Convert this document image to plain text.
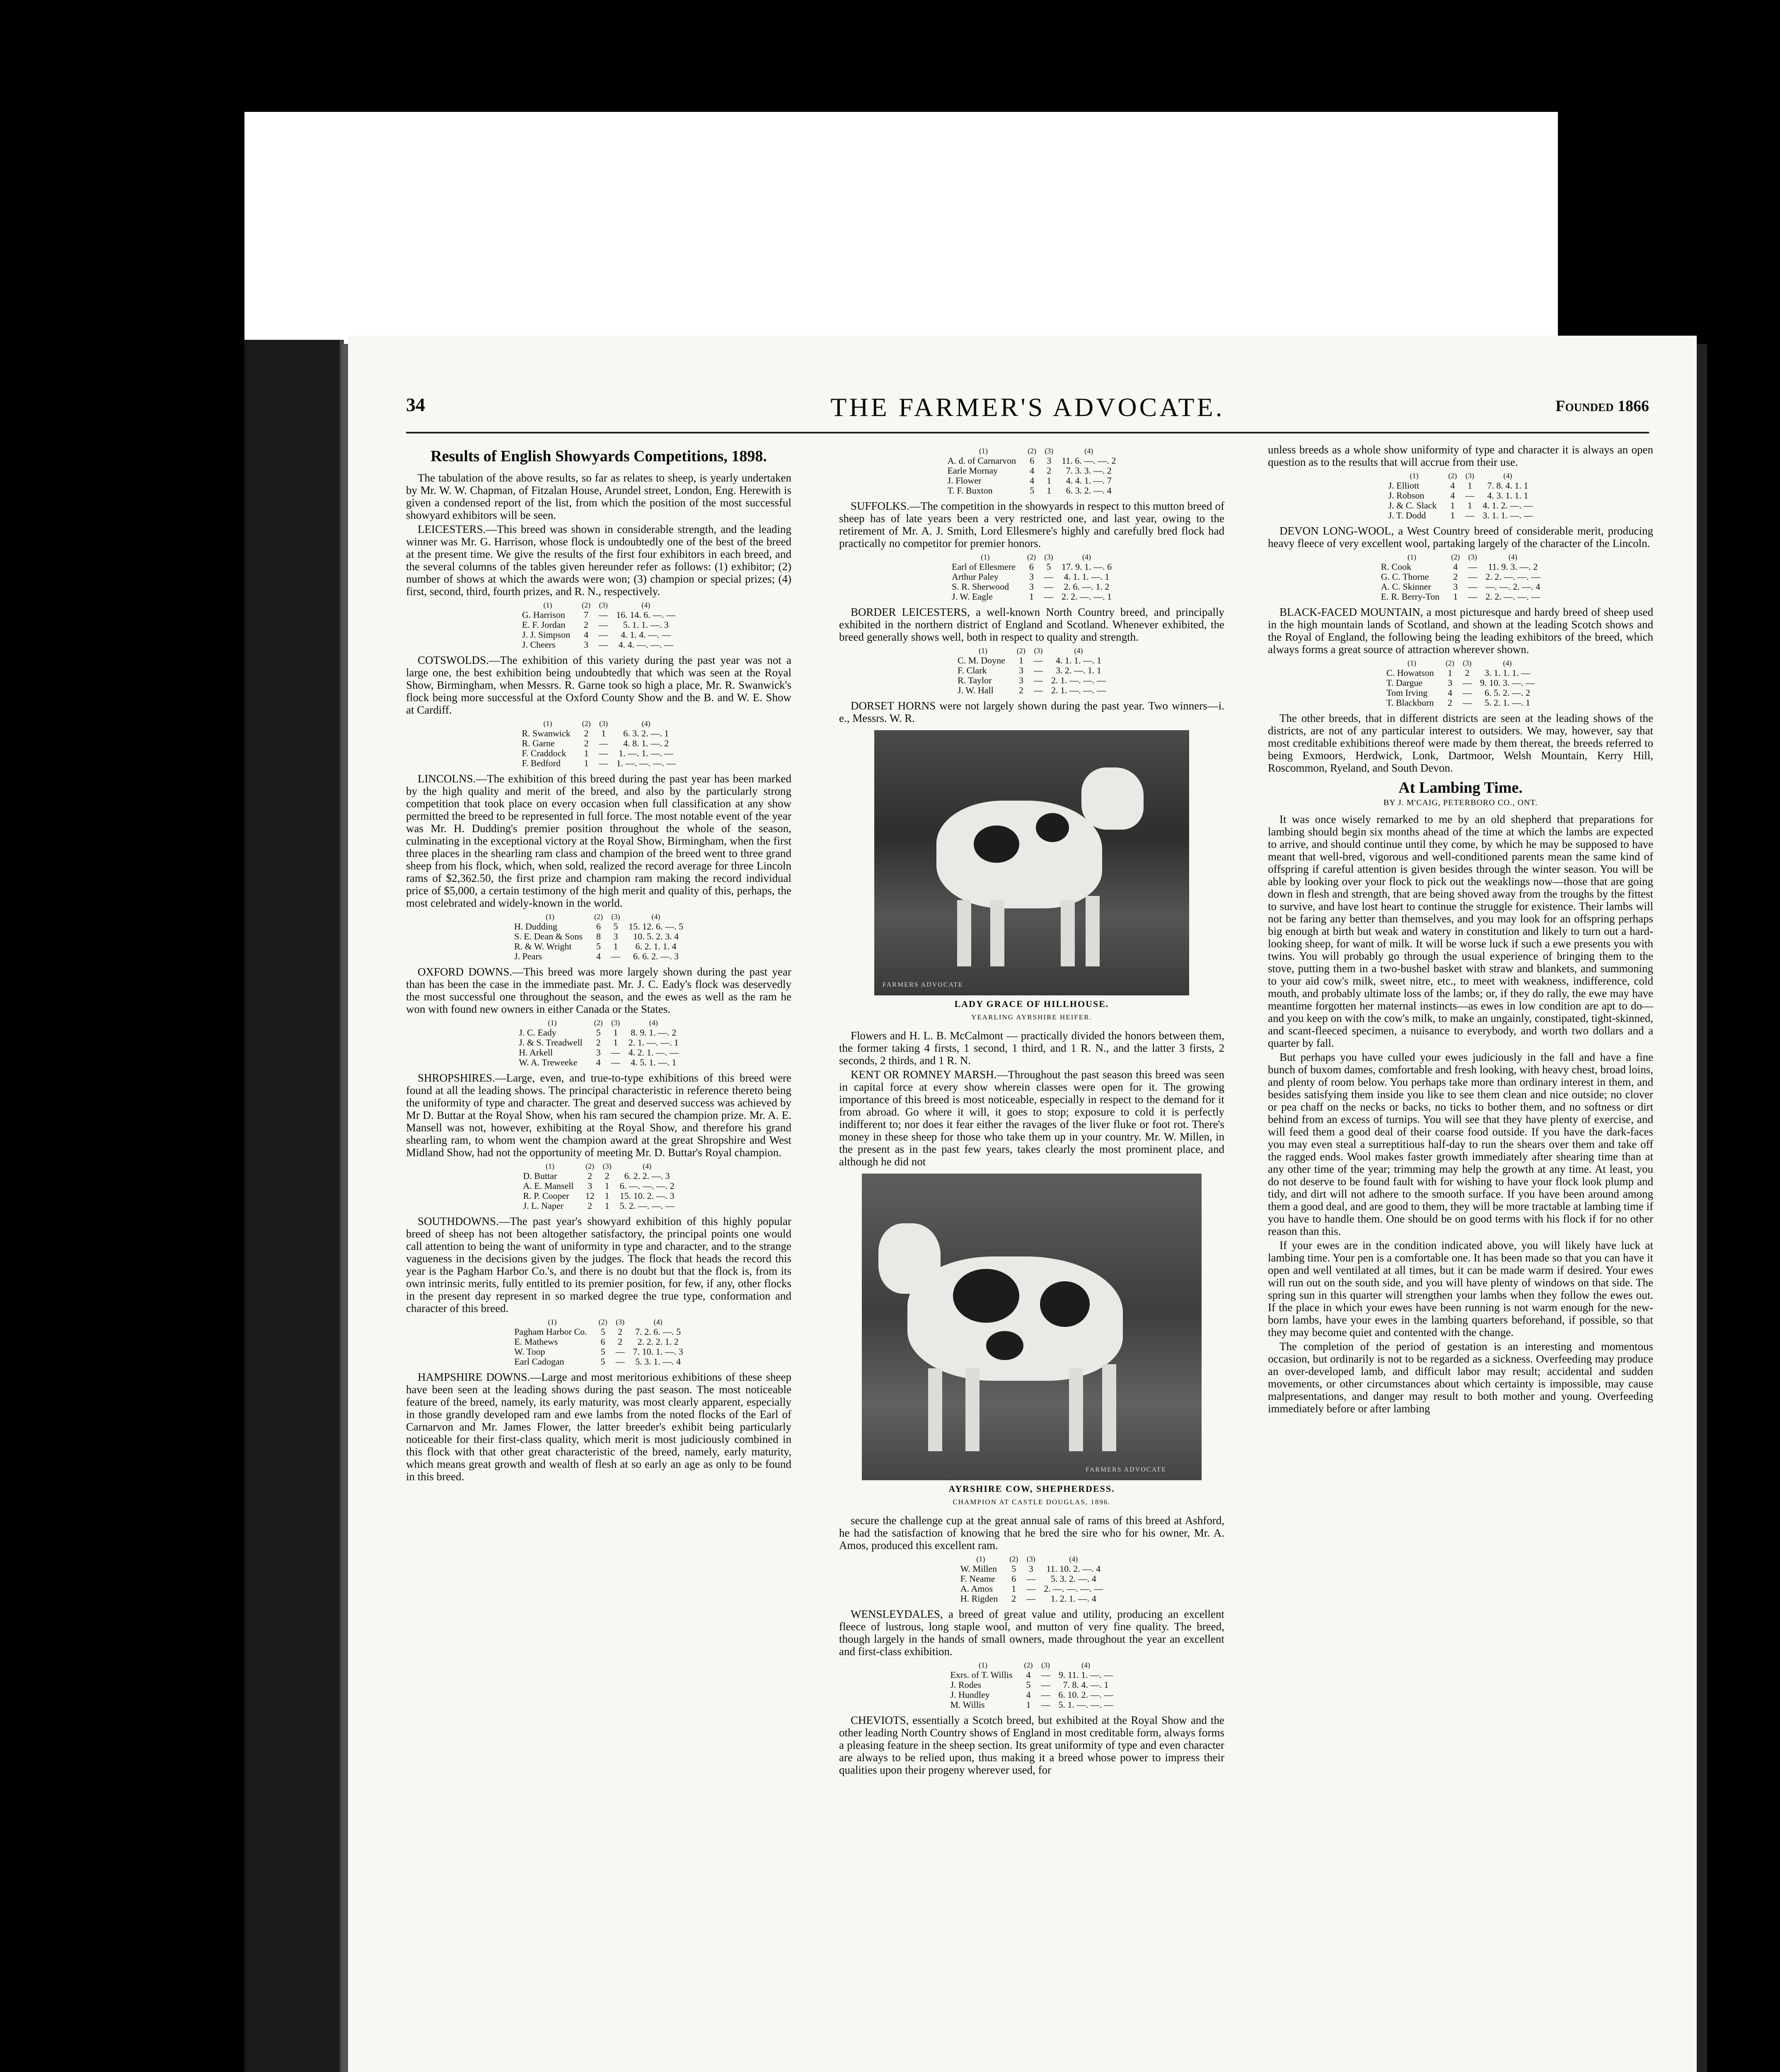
34	THE FARMER'S ADVOCATE.	Founded 1866
Results of English Showyards Competitions, 1898.

The tabulation of the above results, so far as relates to sheep, is yearly undertaken by Mr. W. W. Chapman, of Fitzalan House, Arundel street, London, Eng. Herewith is given a condensed report of the list, from which the position of the most successful showyard exhibitors will be seen.

LEICESTERS.—This breed was shown in considerable strength, and the leading winner was Mr. G. Harrison, whose flock is undoubtedly one of the best of the breed at the present time. We give the results of the first four exhibitors in each breed, and the several columns of the tables given hereunder refer as follows: (1) exhibitor; (2) number of shows at which the awards were won; (3) champion or special prizes; (4) first, second, third, fourth prizes, and R. N., respectively.

(1)	(2)	(3)	(4)
G. Harrison	7	—	16. 14. 6. —. —
E. F. Jordan	2	—	5. 1. 1. —. 3
J. J. Simpson	4	—	4. 1. 4. —. —
J. Cheers	3	—	4. 4. —. —. —

COTSWOLDS.—The exhibition of this variety during the past year was not a large one, the best exhibition being undoubtedly that which was seen at the Royal Show, Birmingham, when Messrs. R. Garne took so high a place, Mr. R. Swanwick's flock being more successful at the Oxford County Show and the B. and W. E. Show at Cardiff.

(1)	(2)	(3)	(4)
R. Swanwick	2	1	6. 3. 2. —. 1
R. Garne	2	—	4. 8. 1. —. 2
F. Craddock	1	—	1. —. 1. —. —
F. Bedford	1	—	1. —. —. —. —

LINCOLNS.—The exhibition of this breed during the past year has been marked by the high quality and merit of the breed, and also by the particularly strong competition that took place on every occasion when full classification at any show permitted the breed to be represented in full force. The most notable event of the year was Mr. H. Dudding's premier position throughout the whole of the season, culminating in the exceptional victory at the Royal Show, Birmingham, when the first three places in the shearling ram class and champion of the breed went to three grand sheep from his flock, which, when sold, realized the record average for three Lincoln rams of $2,362.50, the first prize and champion ram making the record individual price of $5,000, a certain testimony of the high merit and quality of this, perhaps, the most celebrated and widely-known in the world.

(1)	(2)	(3)	(4)
H. Dudding	6	5	15. 12. 6. —. 5
S. E. Dean & Sons	8	3	10. 5. 2. 3. 4
R. & W. Wright	5	1	6. 2. 1. 1. 4
J. Pears	4	—	6. 6. 2. —. 3

OXFORD DOWNS.—This breed was more largely shown during the past year than has been the case in the immediate past. Mr. J. C. Eady's flock was deservedly the most successful one throughout the season, and the ewes as well as the ram he won with found new owners in either Canada or the States.

(1)	(2)	(3)	(4)
J. C. Eady	5	1	8. 9. 1. —. 2
J. & S. Treadwell	2	1	2. 1. —. —. 1
H. Arkell	3	—	4. 2. 1. —. —
W. A. Treweeke	4	—	4. 5. 1. —. 1

SHROPSHIRES.—Large, even, and true-to-type exhibitions of this breed were found at all the leading shows. The principal characteristic in reference thereto being the uniformity of type and character. The great and deserved success was achieved by Mr D. Buttar at the Royal Show, when his ram secured the champion prize. Mr. A. E. Mansell was not, however, exhibiting at the Royal Show, and therefore his grand shearling ram, to whom went the champion award at the great Shropshire and West Midland Show, had not the opportunity of meeting Mr. D. Buttar's Royal champion.

(1)	(2)	(3)	(4)
D. Buttar	2	2	6. 2. 2. —. 3
A. E. Mansell	3	1	6. —. —. —. 2
R. P. Cooper	12	1	15. 10. 2. —. 3
J. L. Naper	2	1	5. 2. —. —. —

SOUTHDOWNS.—The past year's showyard exhibition of this highly popular breed of sheep has not been altogether satisfactory, the principal points one would call attention to being the want of uniformity in type and character, and to the strange vagueness in the decisions given by the judges. The flock that heads the record this year is the Pagham Harbor Co.'s, and there is no doubt but that the flock is, from its own intrinsic merits, fully entitled to its premier position, for few, if any, other flocks in the present day represent in so marked degree the true type, conformation and character of this breed.

(1)	(2)	(3)	(4)
Pagham Harbor Co.	5	2	7. 2. 6. —. 5
E. Mathews	6	2	2. 2. 2. 1. 2
W. Toop	5	—	7. 10. 1. —. 3
Earl Cadogan	5	—	5. 3. 1. —. 4

HAMPSHIRE DOWNS.—Large and most meritorious exhibitions of these sheep have been seen at the leading shows during the past season. The most noticeable feature of the breed, namely, its early maturity, was most clearly apparent, especially in those grandly developed ram and ewe lambs from the noted flocks of the Earl of Carnarvon and Mr. James Flower, the latter breeder's exhibit being particularly noticeable for their first-class quality, which merit is most judiciously combined in this flock with that other great characteristic of the breed, namely, early maturity, which means great growth and wealth of flesh at so early an age as only to be found in this breed.

(1)	(2)	(3)	(4)
A. d. of Carnarvon	6	3	11. 6. —. —. 2
Earle Mornay	4	2	7. 3. 3. —. 2
J. Flower	4	1	4. 4. 1. —. 7
T. F. Buxton	5	1	6. 3. 2. —. 4

SUFFOLKS.—The competition in the showyards in respect to this mutton breed of sheep has of late years been a very restricted one, and last year, owing to the retirement of Mr. A. J. Smith, Lord Ellesmere's highly and carefully bred flock had practically no competitor for premier honors.

(1)	(2)	(3)	(4)
Earl of Ellesmere	6	5	17. 9. 1. —. 6
Arthur Paley	3	—	4. 1. 1. —. 1
S. R. Sherwood	3	—	2. 6. —. 1. 2
J. W. Eagle	1	—	2. 2. —. —. 1

BORDER LEICESTERS, a well-known North Country breed, and principally exhibited in the northern district of England and Scotland. Whenever exhibited, the breed generally shows well, both in respect to quality and strength.

(1)	(2)	(3)	(4)
C. M. Doyne	1	—	4. 1. 1. —. 1
F. Clark	3	—	3. 2. —. 1. 1
R. Taylor	3	—	2. 1. —. —. —
J. W. Hall	2	—	2. 1. —. —. —

DORSET HORNS were not largely shown during the past year. Two winners—i. e., Messrs. W. R.

FARMERS ADVOCATE
LADY GRACE OF HILLHOUSE.
YEARLING AYRSHIRE HEIFER.

Flowers and H. L. B. McCalmont — practically divided the honors between them, the former taking 4 firsts, 1 second, 1 third, and 1 R. N., and the latter 3 firsts, 2 seconds, 2 thirds, and 1 R. N.

KENT OR ROMNEY MARSH.—Throughout the past season this breed was seen in capital force at every show wherein classes were open for it. The growing importance of this breed is most noticeable, especially in respect to the demand for it from abroad. Go where it will, it goes to stop; exposure to cold it is perfectly indifferent to; nor does it fear either the ravages of the liver fluke or foot rot. There's money in these sheep for those who take them up in your country. Mr. W. Millen, in the present as in the past few years, takes clearly the most prominent place, and although he did not

FARMERS ADVOCATE
AYRSHIRE COW, SHEPHERDESS.
CHAMPION AT CASTLE DOUGLAS, 1896.

secure the challenge cup at the great annual sale of rams of this breed at Ashford, he had the satisfaction of knowing that he bred the sire who for his owner, Mr. A. Amos, produced this excellent ram.

(1)	(2)	(3)	(4)
W. Millen	5	3	11. 10. 2. —. 4
F. Neame	6	—	5. 3. 2. —. 4
A. Amos	1	—	2. —. —. —. —
H. Rigden	2	—	1. 2. 1. —. 4

WENSLEYDALES, a breed of great value and utility, producing an excellent fleece of lustrous, long staple wool, and mutton of very fine quality. The breed, though largely in the hands of small owners, made throughout the year an excellent and first-class exhibition.

(1)	(2)	(3)	(4)
Exrs. of T. Willis	4	—	9. 11. 1. —. —
J. Rodes	5	—	7. 8. 4. —. 1
J. Hundley	4	—	6. 10. 2. —. —
M. Willis	1	—	5. 1. —. —. —

CHEVIOTS, essentially a Scotch breed, but exhibited at the Royal Show and the other leading North Country shows of England in most creditable form, always forms a pleasing feature in the sheep section. Its great uniformity of type and even character are always to be relied upon, thus making it a breed whose power to impress their qualities upon their progeny wherever used, for

unless breeds as a whole show uniformity of type and character it is always an open question as to the results that will accrue from their use.

(1)	(2)	(3)	(4)
J. Elliott	4	1	7. 8. 4. 1. 1
J. Robson	4	—	4. 3. 1. 1. 1
J. & C. Slack	1	1	4. 1. 2. —. —
J. T. Dodd	1	—	3. 1. 1. —. —

DEVON LONG-WOOL, a West Country breed of considerable merit, producing heavy fleece of very excellent wool, partaking largely of the character of the Lincoln.

(1)	(2)	(3)	(4)
R. Cook	4	—	11. 9. 3. —. 2
G. C. Thorne	2	—	2. 2. —. —. —
A. C. Skinner	3	—	—. —. 2. —. 4
E. R. Berry-Ton	1	—	2. 2. —. —. —

BLACK-FACED MOUNTAIN, a most picturesque and hardy breed of sheep used in the high mountain lands of Scotland, and shown at the leading Scotch shows and the Royal of England, the following being the leading exhibitors of the breed, which always forms a great source of attraction wherever shown.

(1)	(2)	(3)	(4)
C. Howatson	1	2	3. 1. 1. 1. —
T. Dargue	3	—	9. 10. 3. —. —
Tom Irving	4	—	6. 5. 2. —. 2
T. Blackburn	2	—	5. 2. 1. —. 1

The other breeds, that in different districts are seen at the leading shows of the districts, are not of any particular interest to outsiders. We may, however, say that most creditable exhibitions thereof were made by them thereat, the breeds referred to being Exmoors, Herdwick, Lonk, Dartmoor, Welsh Mountain, Kerry Hill, Roscommon, Ryeland, and South Devon.

At Lambing Time.
BY J. M'CAIG, PETERBORO CO., ONT.

It was once wisely remarked to me by an old shepherd that preparations for lambing should begin six months ahead of the time at which the lambs are expected to arrive, and should continue until they come, by which he may be supposed to have meant that well-bred, vigorous and well-conditioned parents mean the same kind of offspring if careful attention is given besides through the winter season. You will be able by looking over your flock to pick out the weaklings now—those that are going down in flesh and strength, that are being shoved away from the troughs by the fittest to survive, and have lost heart to continue the struggle for existence. Their lambs will not be faring any better than themselves, and you may look for an offspring perhaps big enough at birth but weak and watery in constitution and likely to turn out a hard-looking sheep, for want of milk. It will be worse luck if such a ewe presents you with twins. You will probably go through the usual experience of bringing them to the stove, putting them in a two-bushel basket with straw and blankets, and summoning to your aid cow's milk, sweet nitre, etc., to meet with weakness, indifference, cold mouth, and probably ultimate loss of the lambs; or, if they do rally, the ewe may have meantime forgotten her maternal instincts—as ewes in low condition are apt to do—and you keep on with the cow's milk, to make an ungainly, constipated, tight-skinned, and scant-fleeced specimen, a nuisance to everybody, and worth two dollars and a quarter by fall.

But perhaps you have culled your ewes judiciously in the fall and have a fine bunch of buxom dames, comfortable and fresh looking, with heavy chest, broad loins, and plenty of room below. You perhaps take more than ordinary interest in them, and besides satisfying them inside you like to see them clean and nice outside; no clover or pea chaff on the necks or backs, no ticks to bother them, and no softness or dirt behind from an excess of turnips. You will see that they have plenty of exercise, and will feed them a good deal of their coarse food outside. If you have the dark-faces you may even steal a surreptitious half-day to run the shears over them and take off the ragged ends. Wool makes faster growth immediately after shearing time than at any other time of the year; trimming may help the growth at any time. At least, you do not deserve to be found fault with for wishing to have your flock look plump and tidy, and dirt will not adhere to the smooth surface. If you have been around among them a good deal, and are good to them, they will be more tractable at lambing time if you have to handle them. One should be on good terms with his flock if for no other reason than this.

If your ewes are in the condition indicated above, you will likely have luck at lambing time. Your pen is a comfortable one. It has been made so that you can have it open and well ventilated at all times, but it can be made warm if desired. Your ewes will run out on the south side, and you will have plenty of windows on that side. The spring sun in this quarter will strengthen your lambs when they follow the ewes out. If the place in which your ewes have been running is not warm enough for the new-born lambs, have your ewes in the lambing quarters beforehand, if possible, so that they may become quiet and contented with the change.

The completion of the period of gestation is an interesting and momentous occasion, but ordinarily is not to be regarded as a sickness. Overfeeding may produce an over-developed lamb, and difficult labor may result; accidental and sudden movements, or other circumstances about which certainty is impossible, may cause malpresentations, and danger may result to both mother and young. Overfeeding immediately before or after lambing
